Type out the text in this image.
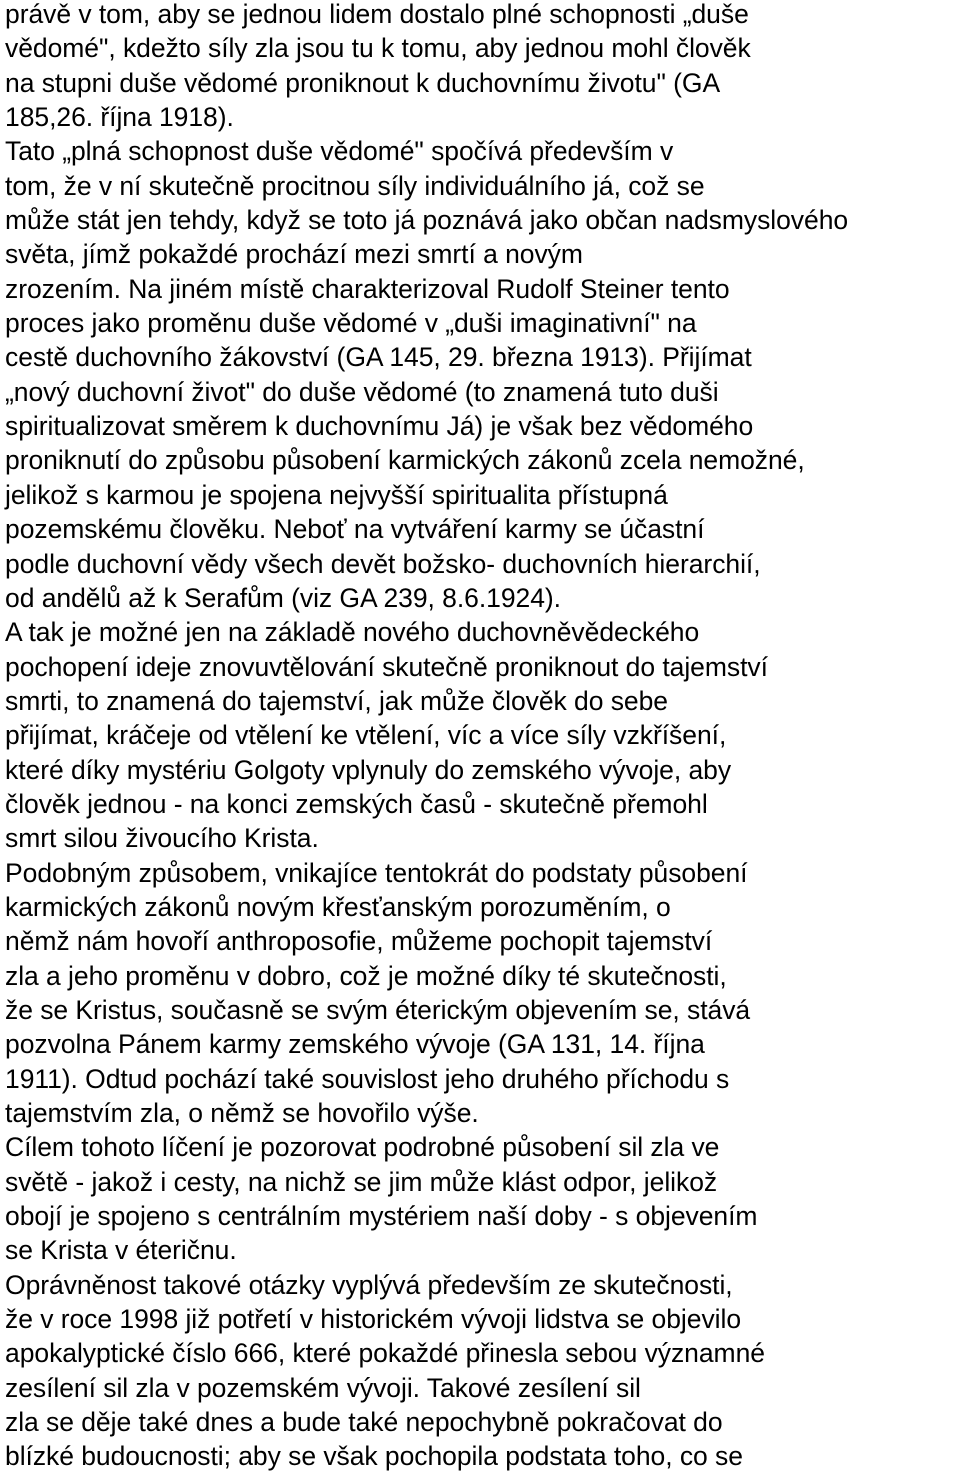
právě v tom, aby se jednou lidem dostalo plné schopnosti „duše
vědomé", kdežto síly zla jsou tu k tomu, aby jednou mohl člověk
na stupni duše vědomé proniknout k duchovnímu životu" (GA
185,26. října 1918).
Tato „plná schopnost duše vědomé" spočívá především v
tom, že v ní skutečně procitnou síly individuálního já, což se
může stát jen tehdy, když se toto já poznává jako občan nadsmyslového
světa, jímž pokaždé prochází mezi smrtí a novým
zrozením. Na jiném místě charakterizoval Rudolf Steiner tento
proces jako proměnu duše vědomé v „duši imaginativní" na
cestě duchovního žákovství (GA 145, 29. března 1913). Přijímat
„nový duchovní život" do duše vědomé (to znamená tuto duši
spiritualizovat směrem k duchovnímu Já) je však bez vědomého
proniknutí do způsobu působení karmických zákonů zcela nemožné,
jelikož s karmou je spojena nejvyšší spiritualita přístupná
pozemskému člověku. Neboť na vytváření karmy se účastní
podle duchovní vědy všech devět božsko- duchovních hierarchií,
od andělů až k Serafům (viz GA 239, 8.6.1924).
A tak je možné jen na základě nového duchovněvědeckého
pochopení ideje znovuvtělování skutečně proniknout do tajemství
smrti, to znamená do tajemství, jak může člověk do sebe
přijímat, kráčeje od vtělení ke vtělení, víc a více síly vzkříšení,
které díky mystériu Golgoty vplynuly do zemského vývoje, aby
člověk jednou - na konci zemských časů - skutečně přemohl
smrt silou živoucího Krista.
Podobným způsobem, vnikajíce tentokrát do podstaty působení
karmických zákonů novým křesťanským porozuměním, o
němž nám hovoří anthroposofie, můžeme pochopit tajemství
zla a jeho proměnu v dobro, což je možné díky té skutečnosti,
že se Kristus, současně se svým éterickým objevením se, stává
pozvolna Pánem karmy zemského vývoje (GA 131, 14. října
1911). Odtud pochází také souvislost jeho druhého příchodu s
tajemstvím zla, o němž se hovořilo výše.
Cílem tohoto líčení je pozorovat podrobné působení sil zla ve
světě - jakož i cesty, na nichž se jim může klást odpor, jelikož
obojí je spojeno s centrálním mystériem naší doby - s objevením
se Krista v éteričnu.
Oprávněnost takové otázky vyplývá především ze skutečnosti,
že v roce 1998 již potřetí v historickém vývoji lidstva se objevilo
apokalyptické číslo 666, které pokaždé přinesla sebou významné
zesílení sil zla v pozemském vývoji. Takové zesílení sil
zla se děje také dnes a bude také nepochybně pokračovat do
blízké budoucnosti; aby se však pochopila podstata toho, co se
